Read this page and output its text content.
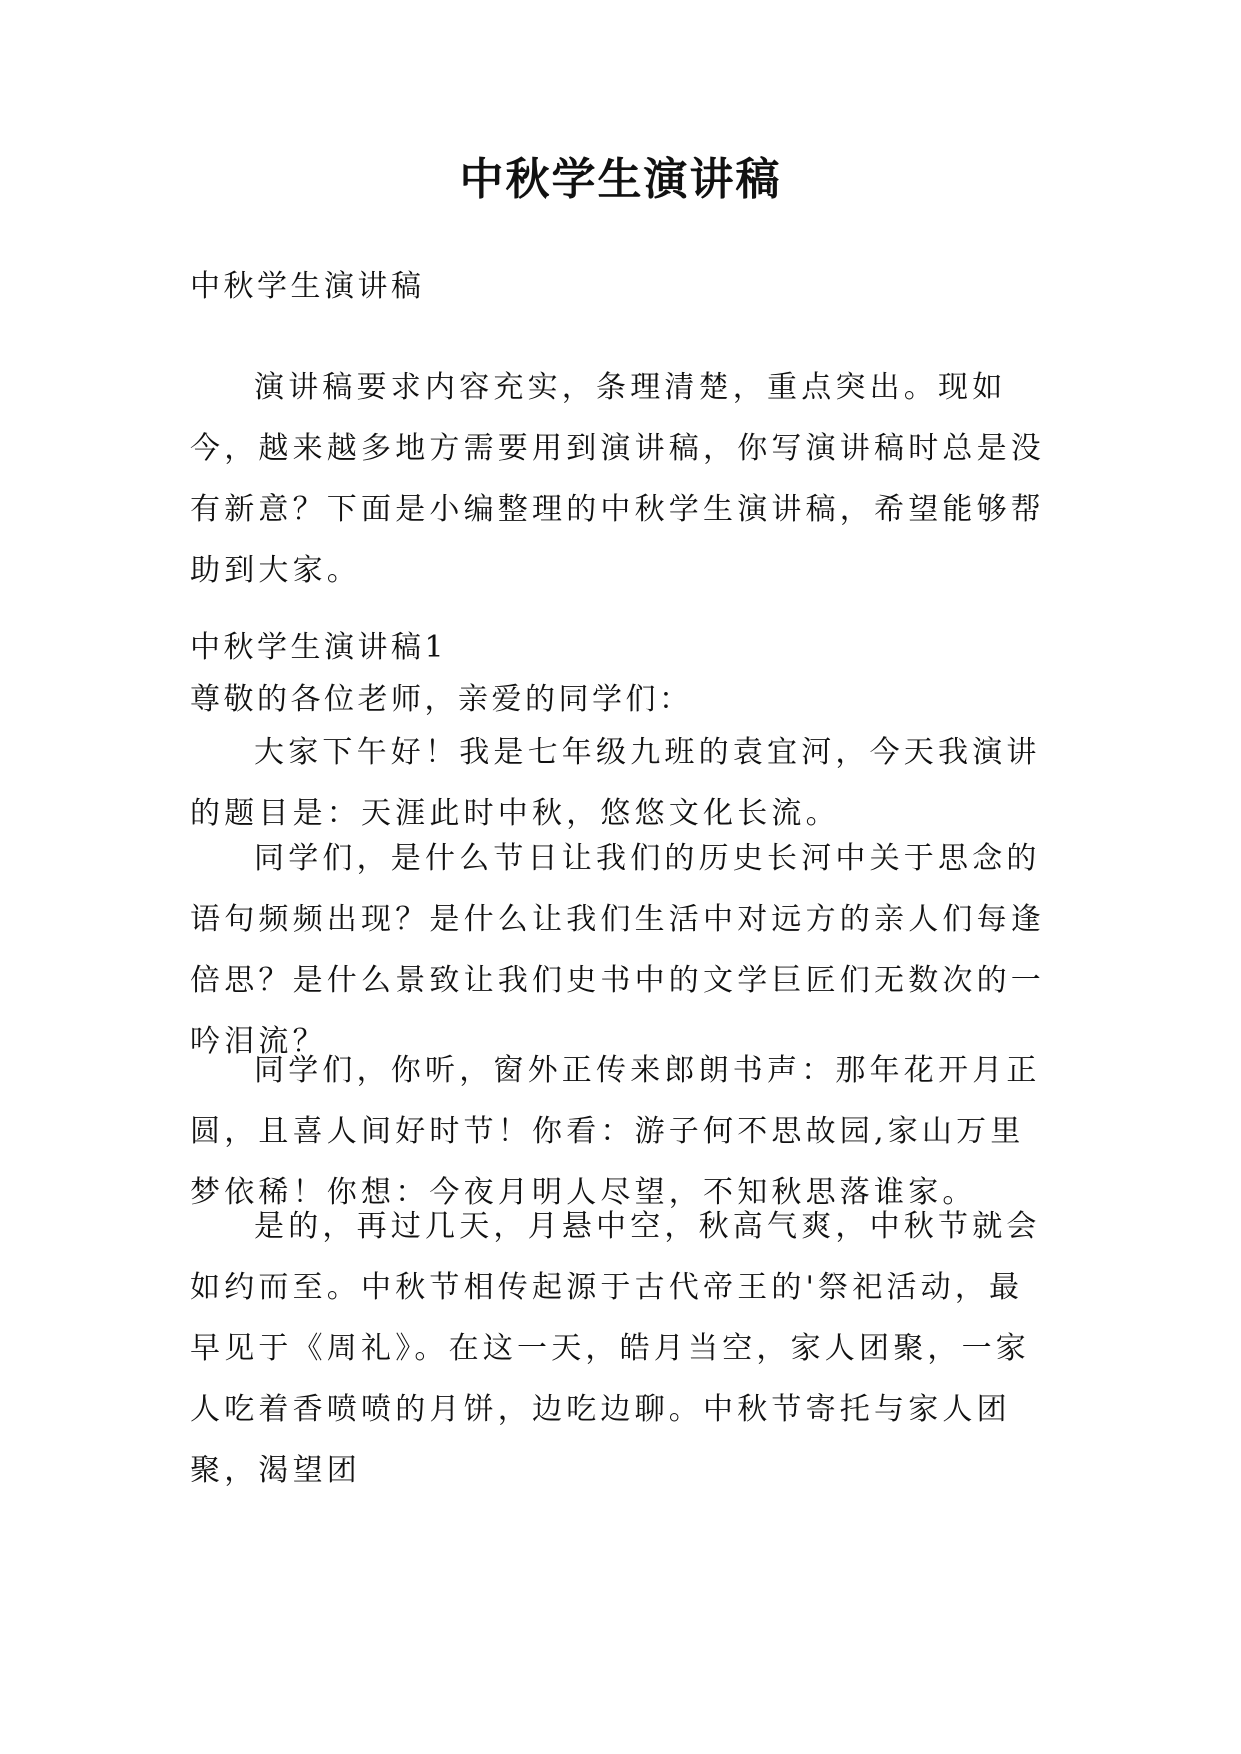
中秋学生演讲稿

中秋学生演讲稿

演讲稿要求内容充实，条理清楚，重点突出。现如今，越来越多地方需要用到演讲稿，你写演讲稿时总是没有新意？下面是小编整理的中秋学生演讲稿，希望能够帮助到大家。

中秋学生演讲稿1

尊敬的各位老师，亲爱的同学们：

大家下午好！我是七年级九班的袁宜河，今天我演讲的题目是：天涯此时中秋，悠悠文化长流。

同学们，是什么节日让我们的历史长河中关于思念的语句频频出现？是什么让我们生活中对远方的亲人们每逢倍思？是什么景致让我们史书中的文学巨匠们无数次的一吟泪流？

同学们，你听，窗外正传来郎朗书声：那年花开月正圆，且喜人间好时节！你看：游子何不思故园,家山万里梦依稀！你想：今夜月明人尽望，不知秋思落谁家。

是的，再过几天，月悬中空，秋高气爽，中秋节就会如约而至。中秋节相传起源于古代帝王的'祭祀活动，最早见于《周礼》。在这一天，皓月当空，家人团聚，一家人吃着香喷喷的月饼，边吃边聊。中秋节寄托与家人团聚，渴望团
